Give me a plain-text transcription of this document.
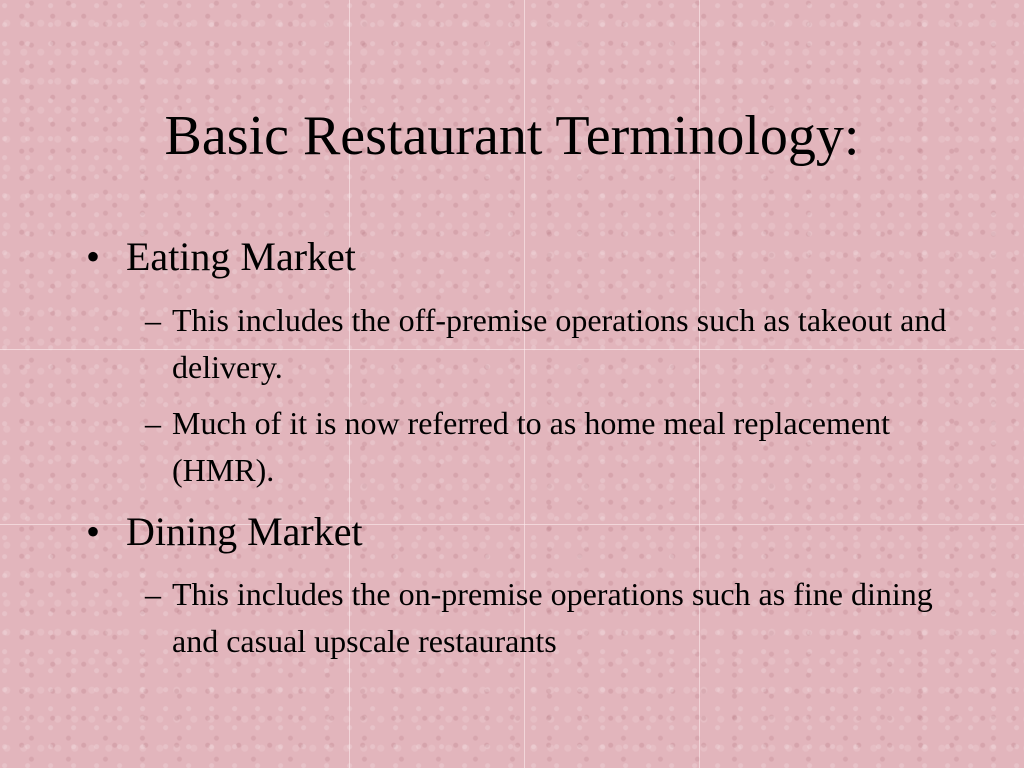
Basic Restaurant Terminology:
• Eating Market
– This includes the off-premise operations such as takeout and delivery.
– Much of it is now referred to as home meal replacement (HMR).
• Dining Market
– This includes the on-premise operations such as fine dining and casual upscale restaurants
